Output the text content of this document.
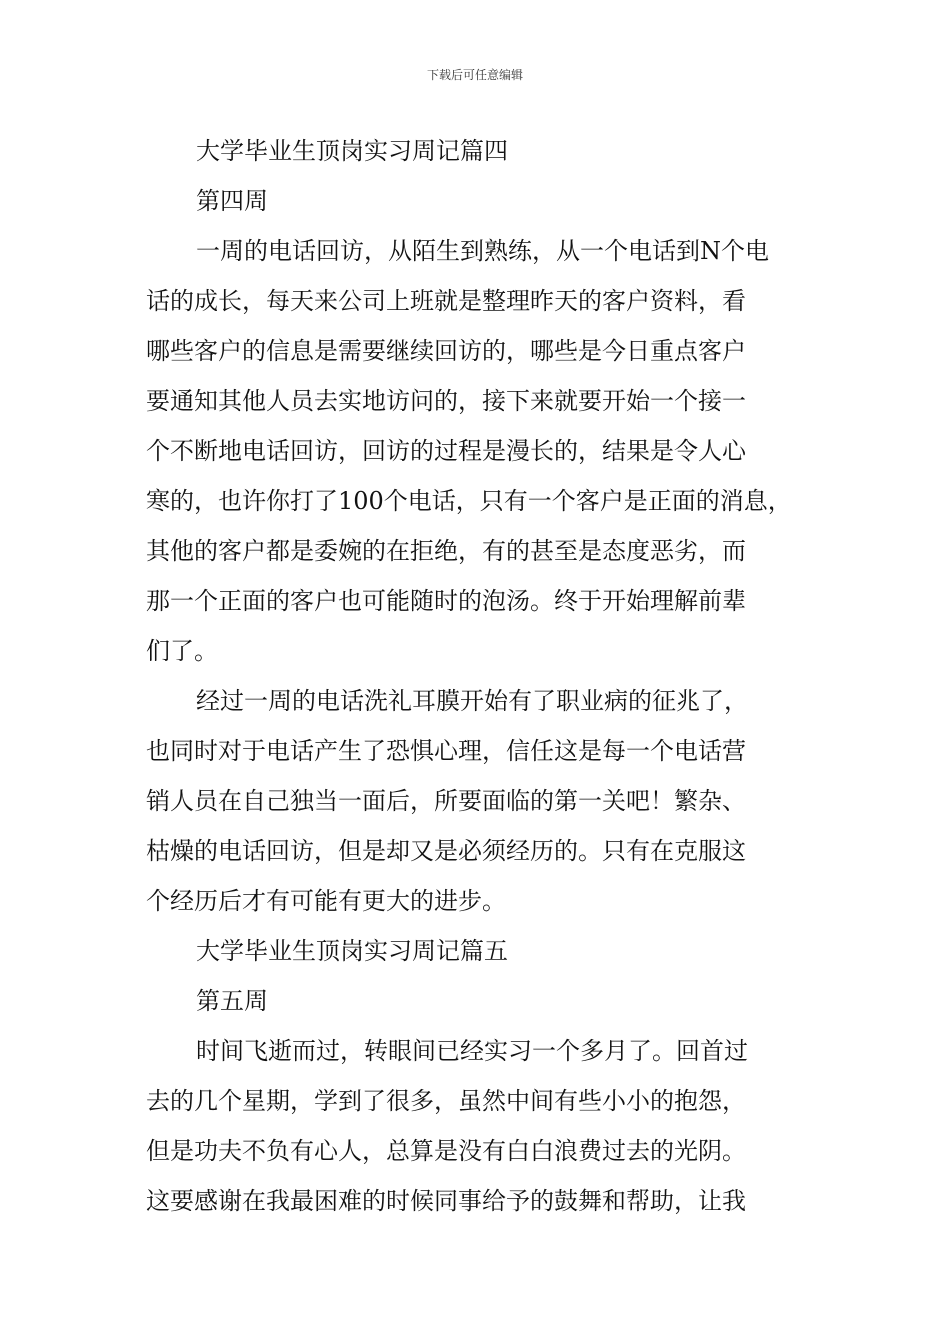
下载后可任意编辑
大学毕业生顶岗实习周记篇四
第四周
一周的电话回访，从陌生到熟练，从一个电话到N个电
话的成长，每天来公司上班就是整理昨天的客户资料，看
哪些客户的信息是需要继续回访的，哪些是今日重点客户
要通知其他人员去实地访问的，接下来就要开始一个接一
个不断地电话回访，回访的过程是漫长的，结果是令人心
寒的，也许你打了100个电话，只有一个客户是正面的消息，
其他的客户都是委婉的在拒绝，有的甚至是态度恶劣，而
那一个正面的客户也可能随时的泡汤。终于开始理解前辈
们了。
经过一周的电话洗礼耳膜开始有了职业病的征兆了，
也同时对于电话产生了恐惧心理，信任这是每一个电话营
销人员在自己独当一面后，所要面临的第一关吧！繁杂、
枯燥的电话回访，但是却又是必须经历的。只有在克服这
个经历后才有可能有更大的进步。
大学毕业生顶岗实习周记篇五
第五周
时间飞逝而过，转眼间已经实习一个多月了。回首过
去的几个星期，学到了很多，虽然中间有些小小的抱怨，
但是功夫不负有心人，总算是没有白白浪费过去的光阴。
这要感谢在我最困难的时候同事给予的鼓舞和帮助，让我
